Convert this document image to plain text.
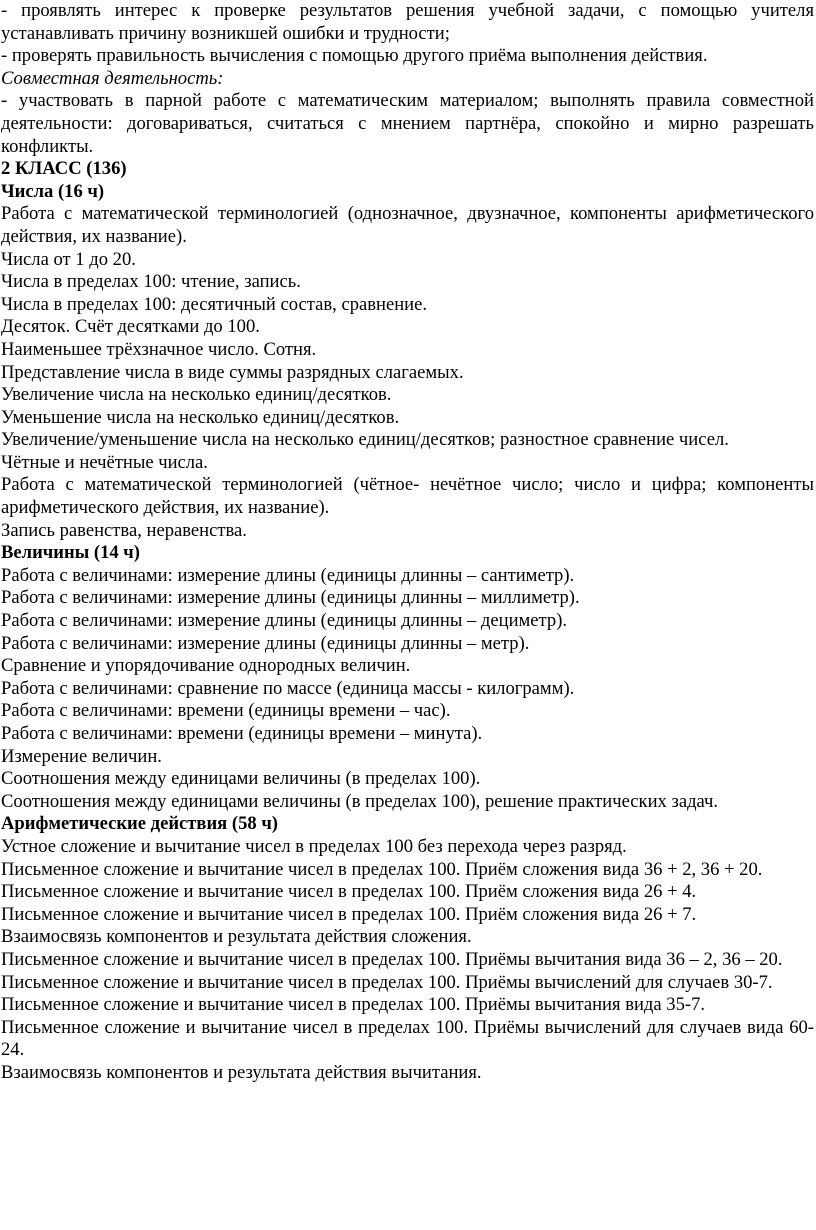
- проявлять интерес к проверке результатов решения учебной задачи, с помощью учителя устанавливать причину возникшей ошибки и трудности;

- проверять правильность вычисления с помощью другого приёма выполнения действия.

Совместная деятельность:

- участвовать в парной работе с математическим материалом; выполнять правила совместной деятельности: договариваться, считаться с мнением партнёра, спокойно и мирно разрешать конфликты.

2 КЛАСС (136)

Числа (16 ч)

Работа с математической терминологией (однозначное, двузначное, компоненты арифметического действия, их название).

Числа от 1 до 20.

Числа в пределах 100: чтение, запись.

Числа в пределах 100: десятичный состав, сравнение.

Десяток. Счёт десятками до 100.

Наименьшее трёхзначное число. Сотня.

Представление числа в виде суммы разрядных слагаемых.

Увеличение числа на несколько единиц/десятков.

Уменьшение числа на несколько единиц/десятков.

Увеличение/уменьшение числа на несколько единиц/десятков; разностное сравнение чисел.

Чётные и нечётные числа.

Работа с математической терминологией (чётное- нечётное число; число и цифра; компоненты арифметического действия, их название).

Запись равенства, неравенства.

Величины (14 ч)

Работа с величинами: измерение длины (единицы длинны – сантиметр).

Работа с величинами: измерение длины (единицы длинны – миллиметр).

Работа с величинами: измерение длины (единицы длинны – дециметр).

Работа с величинами: измерение длины (единицы длинны – метр).

Сравнение и упорядочивание однородных величин.

Работа с величинами: сравнение по массе (единица массы - килограмм).

Работа с величинами: времени (единицы времени – час).

Работа с величинами: времени (единицы времени – минута).

Измерение величин.

Соотношения между единицами величины (в пределах 100).

Соотношения между единицами величины (в пределах 100), решение практических задач.

Арифметические действия (58 ч)

Устное сложение и вычитание чисел в пределах 100 без перехода через разряд.

Письменное сложение и вычитание чисел в пределах 100. Приём сложения вида 36 + 2, 36 + 20.

Письменное сложение и вычитание чисел в пределах 100. Приём сложения вида 26 + 4.

Письменное сложение и вычитание чисел в пределах 100. Приём сложения вида 26 + 7.

Взаимосвязь компонентов и результата действия сложения.

Письменное сложение и вычитание чисел в пределах 100. Приёмы вычитания вида 36 – 2, 36 – 20.

Письменное сложение и вычитание чисел в пределах 100. Приёмы вычислений для случаев 30-7.

Письменное сложение и вычитание чисел в пределах 100. Приёмы вычитания вида 35-7.

Письменное сложение и вычитание чисел в пределах 100. Приёмы вычислений для случаев вида 60-24.

Взаимосвязь компонентов и результата действия вычитания.
